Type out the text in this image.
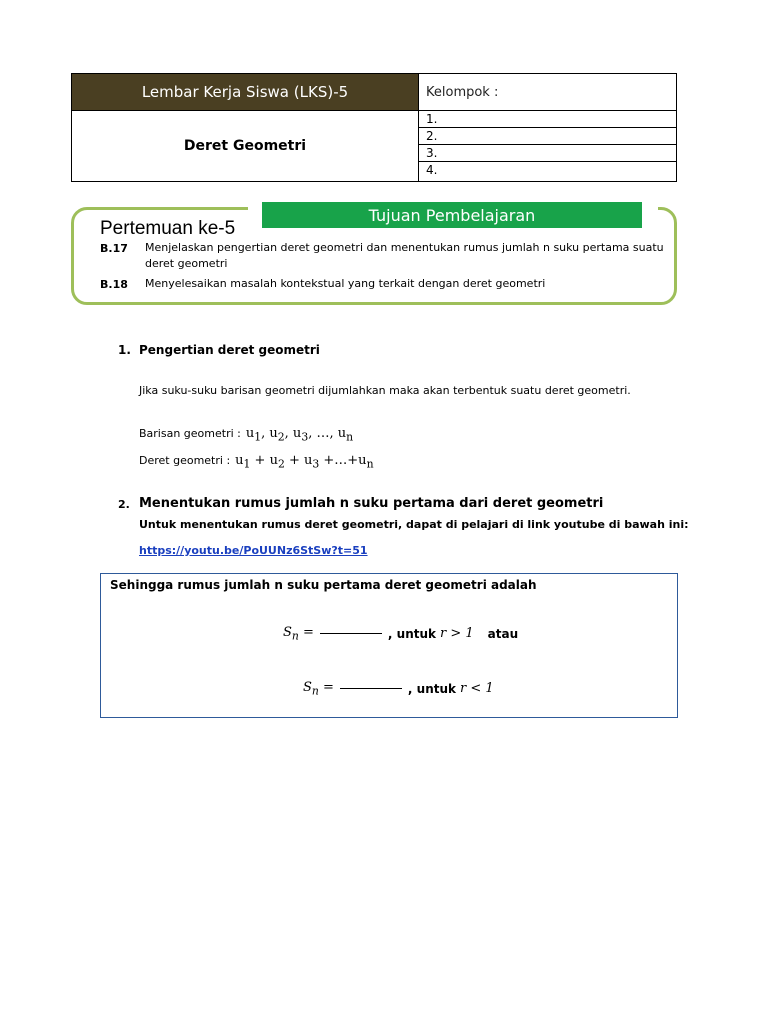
Lembar Kerja Siswa (LKS)-5	Kelompok :
Deret Geometri
1.
2.
3.
4.
Tujuan Pembelajaran
Pertemuan ke-5
B.17 Menjelaskan pengertian deret geometri dan menentukan rumus jumlah n suku pertama suatu deret geometri
B.18 Menyelesaikan masalah kontekstual yang terkait dengan deret geometri
1. Pengertian deret geometri
Jika suku-suku barisan geometri dijumlahkan maka akan terbentuk suatu deret geometri.
Barisan geometri : $u_1$, $u_2$, $u_3$, …, $u_n$
Deret geometri : $u_1 + u_2 + u_3$ $+\dots+u_n$
2. Menentukan rumus jumlah n suku pertama dari deret geometri
Untuk menentukan rumus deret geometri, dapat di pelajari di link youtube di bawah ini:
https://youtu.be/PoUUNz6StSw?t=51
Sehingga rumus jumlah n suku pertama deret geometri adalah
$S_n$ =	, untuk r > 1 atau
$S_n$ =	, untuk r < 1
